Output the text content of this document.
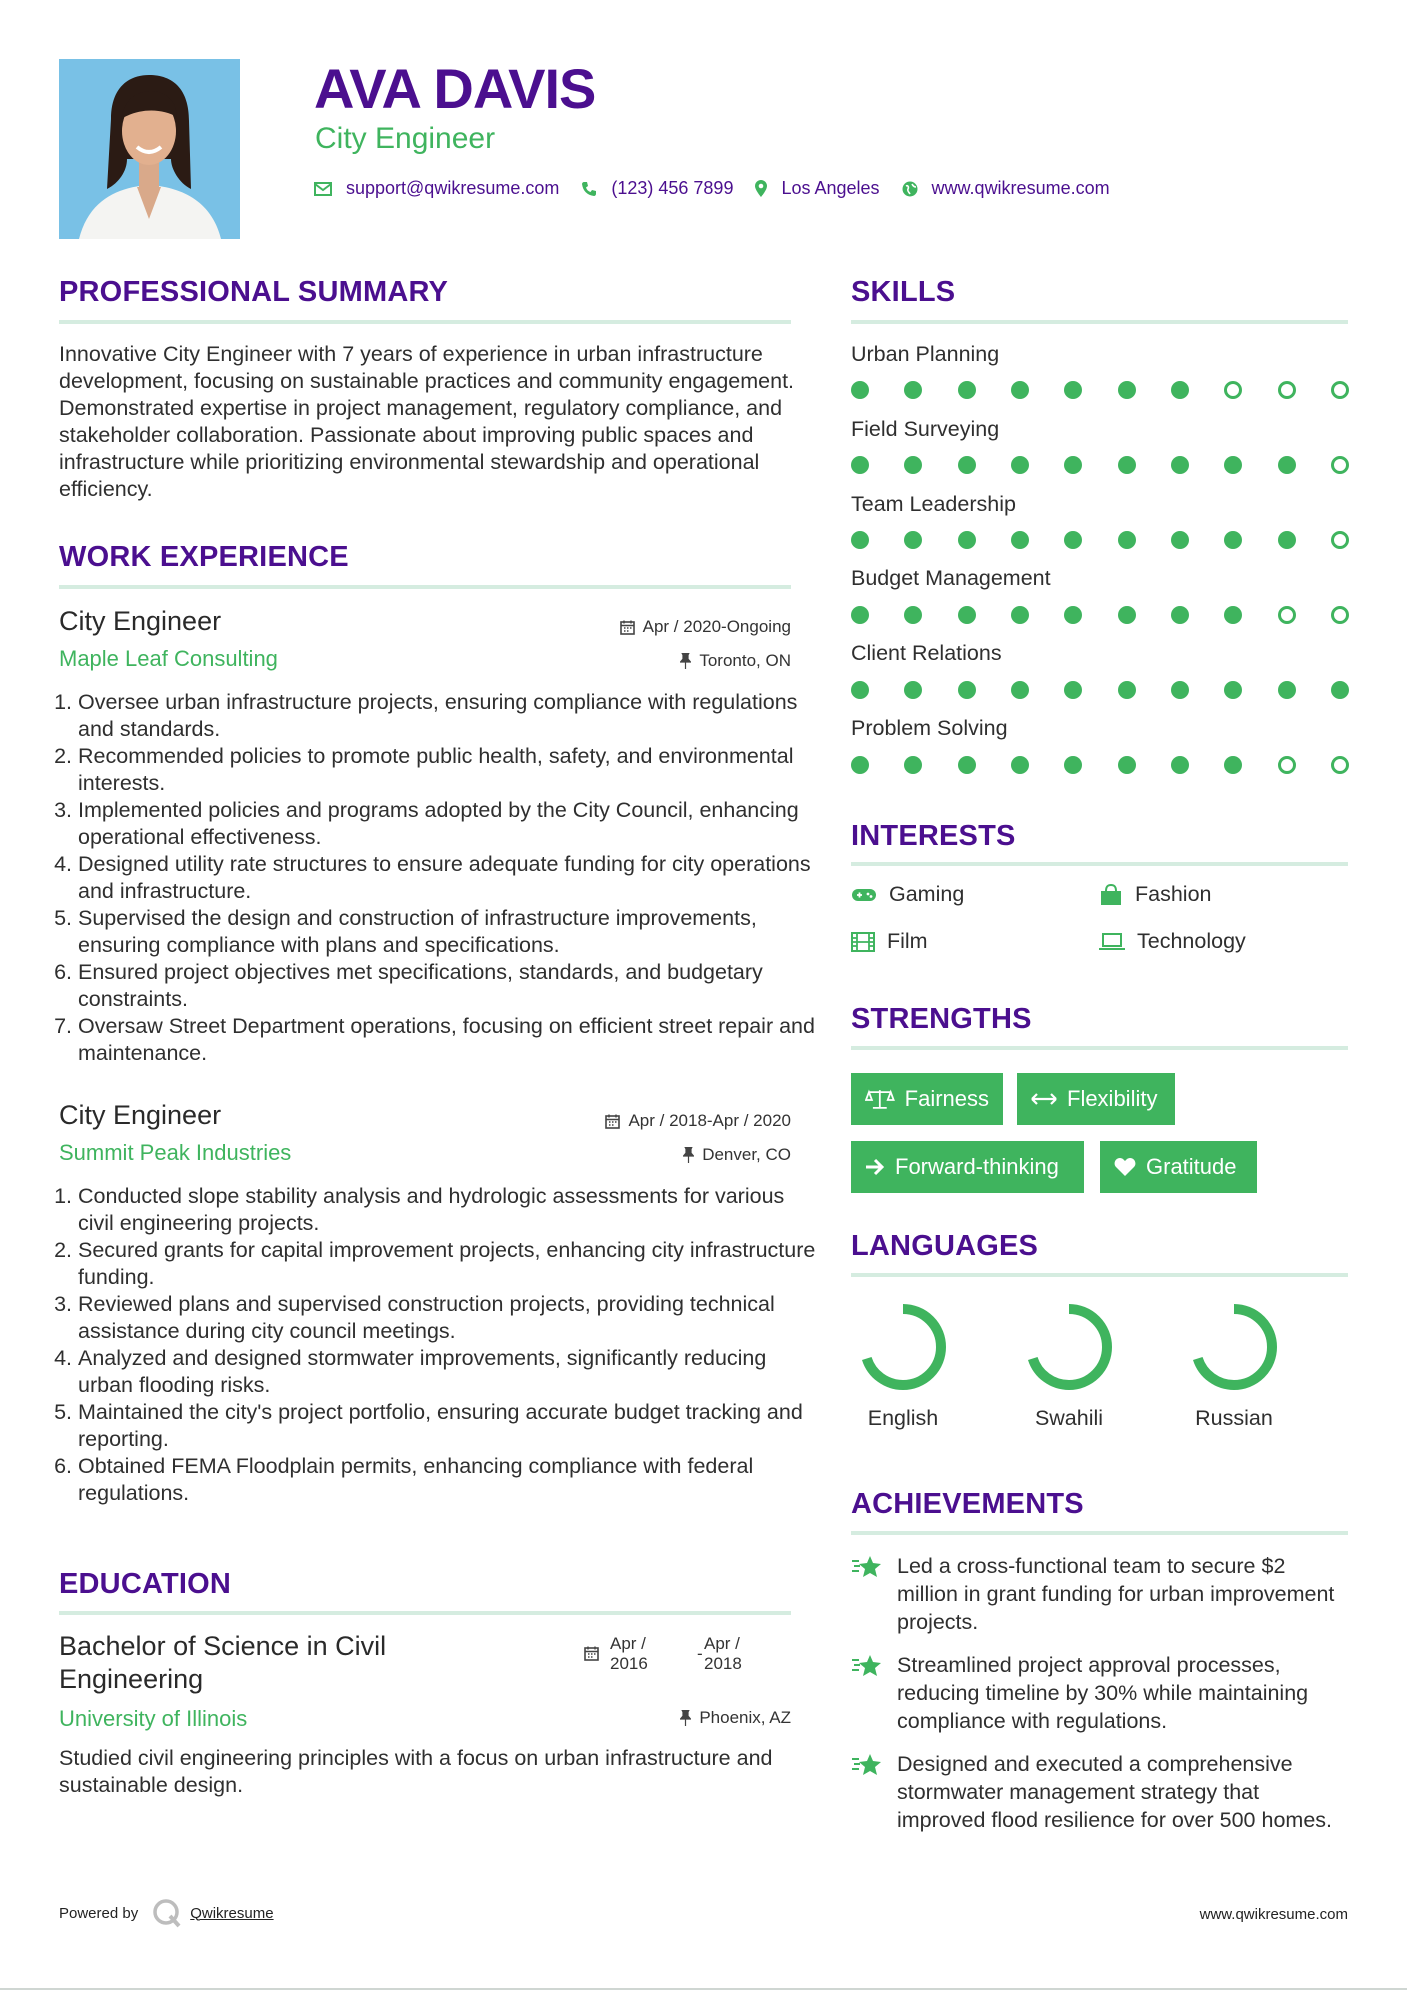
AVA DAVIS
City Engineer
support@qwikresume.com	(123) 456 7899	Los Angeles	www.qwikresume.com
PROFESSIONAL SUMMARY

Innovative City Engineer with 7 years of experience in urban infrastructure development, focusing on sustainable practices and community engagement. Demonstrated expertise in project management, regulatory compliance, and stakeholder collaboration. Passionate about improving public spaces and infrastructure while prioritizing environmental stewardship and operational efficiency.

WORK EXPERIENCE
City Engineer	Apr / 2020-Ongoing
Maple Leaf Consulting	Toronto, ON
1. Oversee urban infrastructure projects, ensuring compliance with regulations and standards.
2. Recommended policies to promote public health, safety, and environmental interests.
3. Implemented policies and programs adopted by the City Council, enhancing operational effectiveness.
4. Designed utility rate structures to ensure adequate funding for city operations and infrastructure.
5. Supervised the design and construction of infrastructure improvements, ensuring compliance with plans and specifications.
6. Ensured project objectives met specifications, standards, and budgetary constraints.
7. Oversaw Street Department operations, focusing on efficient street repair and maintenance.
City Engineer	Apr / 2018-Apr / 2020
Summit Peak Industries	Denver, CO
1. Conducted slope stability analysis and hydrologic assessments for various civil engineering projects.
2. Secured grants for capital improvement projects, enhancing city infrastructure funding.
3. Reviewed plans and supervised construction projects, providing technical assistance during city council meetings.
4. Analyzed and designed stormwater improvements, significantly reducing urban flooding risks.
5. Maintained the city's project portfolio, ensuring accurate budget tracking and reporting.
6. Obtained FEMA Floodplain permits, enhancing compliance with federal regulations.
EDUCATION
Bachelor of Science in Civil Engineering
Apr / 2016
-
Apr / 2018
University of Illinois	Phoenix, AZ

Studied civil engineering principles with a focus on urban infrastructure and sustainable design.

SKILLS
Urban Planning
Field Surveying
Team Leadership
Budget Management
Client Relations
Problem Solving
INTERESTS
Gaming	Fashion
Film	Technology
STRENGTHS
Fairness	Flexibility
Forward-thinking	Gratitude
LANGUAGES
English	Swahili	Russian
ACHIEVEMENTS
Led a cross-functional team to secure $2 million in grant funding for urban improvement projects.
Streamlined project approval processes, reducing timeline by 30% while maintaining compliance with regulations.
Designed and executed a comprehensive stormwater management strategy that improved flood resilience for over 500 homes.
Powered by	Qwikresume	www.qwikresume.com
